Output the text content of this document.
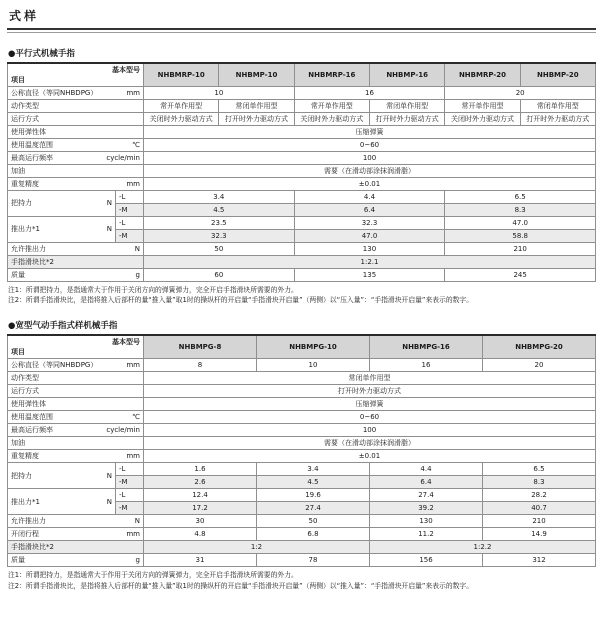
式样
●平行式机械手指
基本型号
项目		NHBMRP-10	NHBMP-10	NHBMRP-16	NHBMP-16	NHBMRP-20	NHBMP-20

公称直径（等同NHBDPG） mm		10		16		20	

动作类型		常开单作用型	常闭单作用型	常开单作用型	常闭单作用型	常开单作用型	常闭单作用型

运行方式		关闭时外力驱动方式	打开时外力驱动方式	关闭时外力驱动方式	打开时外力驱动方式	关闭时外力驱动方式	打开时外力驱动方式

使用弹性体		压缩弹簧					

使用温度范围 ℃		0~60					

最高运行频率 cycle/min		100					

加油		需要（在滑动部涂抹润滑脂）					

重复精度 mm		±0.01					

把持力 N	-L	3.4		4.4		6.5	
	-M	4.5		6.4		8.3	

推出力*1 N	-L	23.5		32.3		47.0	
	-M	32.3		47.0		58.8	

允许推出力 N		50		130		210	

手指滑块比*2		1:2.1					

质量 g		60		135		245	
注1：所谓把持力，是指通常大于作用于关闭方向的弹簧弹力，完全开启手指滑块所需要的外力。
注2：所谓手指滑块比，是指将推入后部杆的量“推入量”取1时的操纵杆的开启量“手指滑块开启量”（两侧）以“压入量”：“手指滑块开启量”来表示的数字。
●宽型气动手指式样机械手指
基本型号
项目		NHBMPG-8	NHBMPG-10	NHBMPG-16	NHBMPG-20

公称直径（等同NHBDPG） mm		8	10	16	20

动作类型		常闭单作用型			

运行方式		打开时外力驱动方式			

使用弹性体		压缩弹簧			

使用温度范围 ℃		0~60			

最高运行频率 cycle/min		100			

加油		需要（在滑动部涂抹润滑脂）			

重复精度 mm		±0.01			

把持力 N	-L	1.6	3.4	4.4	6.5
	-M	2.6	4.5	6.4	8.3

推出力*1 N	-L	12.4	19.6	27.4	28.2
	-M	17.2	27.4	39.2	40.7

允许推出力 N		30	50	130	210

开闭行程 mm		4.8	6.8	11.2	14.9

手指滑块比*2		1:2		1:2.2	

质量 g		31	78	156	312
注1：所谓把持力，是指通常大于作用于关闭方向的弹簧弹力，完全开启手指滑块所需要的外力。
注2：所谓手指滑块比，是指将推入后部杆的量“推入量”取1时的操纵杆的开启量“手指滑块开启量”（两侧）以“推入量”：“手指滑块开启量”来表示的数字。
